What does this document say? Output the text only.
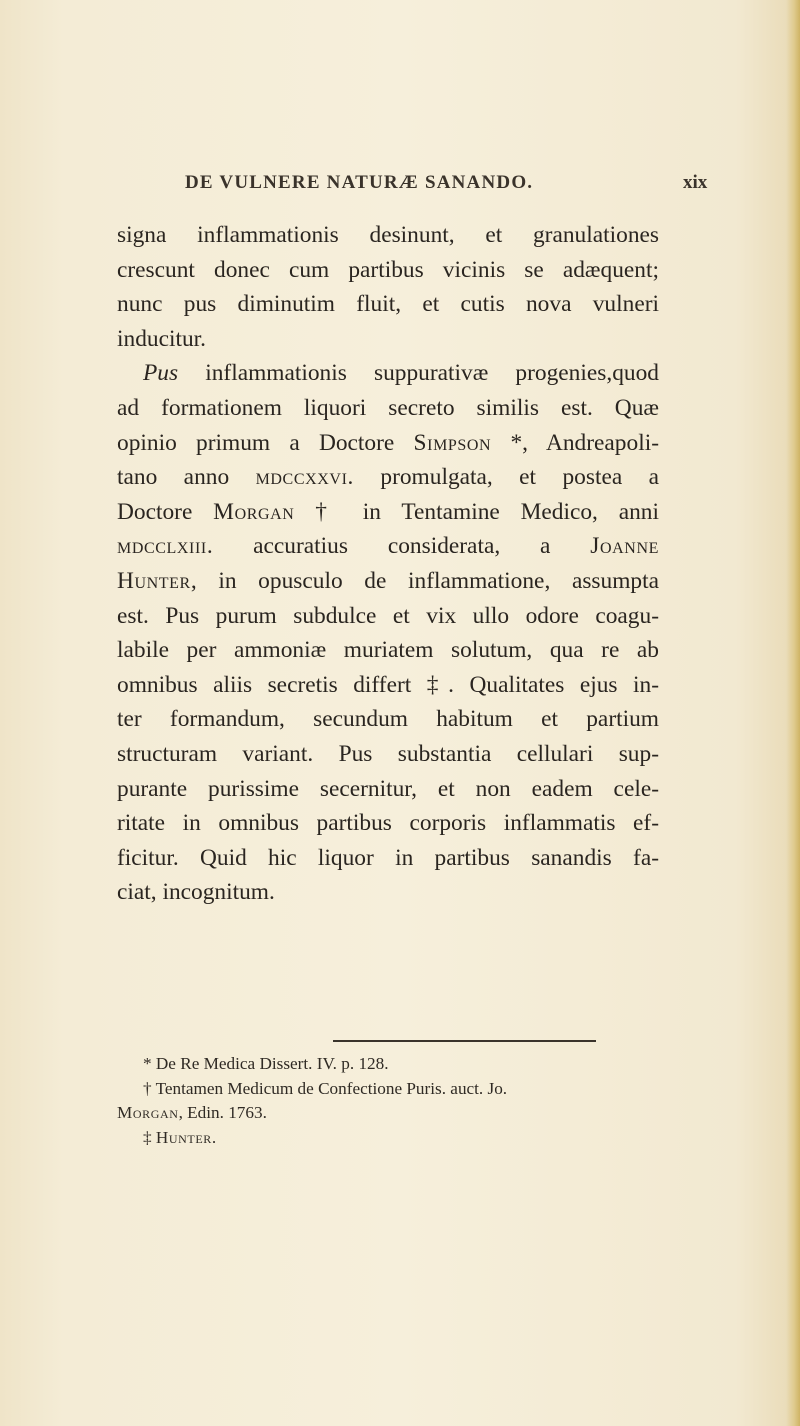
DE VULNERE NATURÆ SANANDO.	xix

signa inflammationis desinunt, et granulationes
crescunt donec cum partibus vicinis se adæquent;
nunc pus diminutim fluit, et cutis nova vulneri
inducitur.

Pus inflammationis suppurativæ progenies,quod
ad formationem liquori secreto similis est. Quæ
opinio primum a Doctore Simpson *, Andreapoli-
tano anno mdccxxvi. promulgata, et postea a
Doctore Morgan † in Tentamine Medico, anni
mdcclxiii. accuratius considerata, a Joanne
Hunter, in opusculo de inflammatione, assumpta
est. Pus purum subdulce et vix ullo odore coagu-
labile per ammoniæ muriatem solutum, qua re ab
omnibus aliis secretis differt ‡. Qualitates ejus in-
ter formandum, secundum habitum et partium
structuram variant. Pus substantia cellulari sup-
purante purissime secernitur, et non eadem cele-
ritate in omnibus partibus corporis inflammatis ef-
ficitur. Quid hic liquor in partibus sanandis fa-
ciat, incognitum.

* De Re Medica Dissert. IV. p. 128.
† Tentamen Medicum de Confectione Puris. auct. Jo.
Morgan, Edin. 1763.
‡ Hunter.
